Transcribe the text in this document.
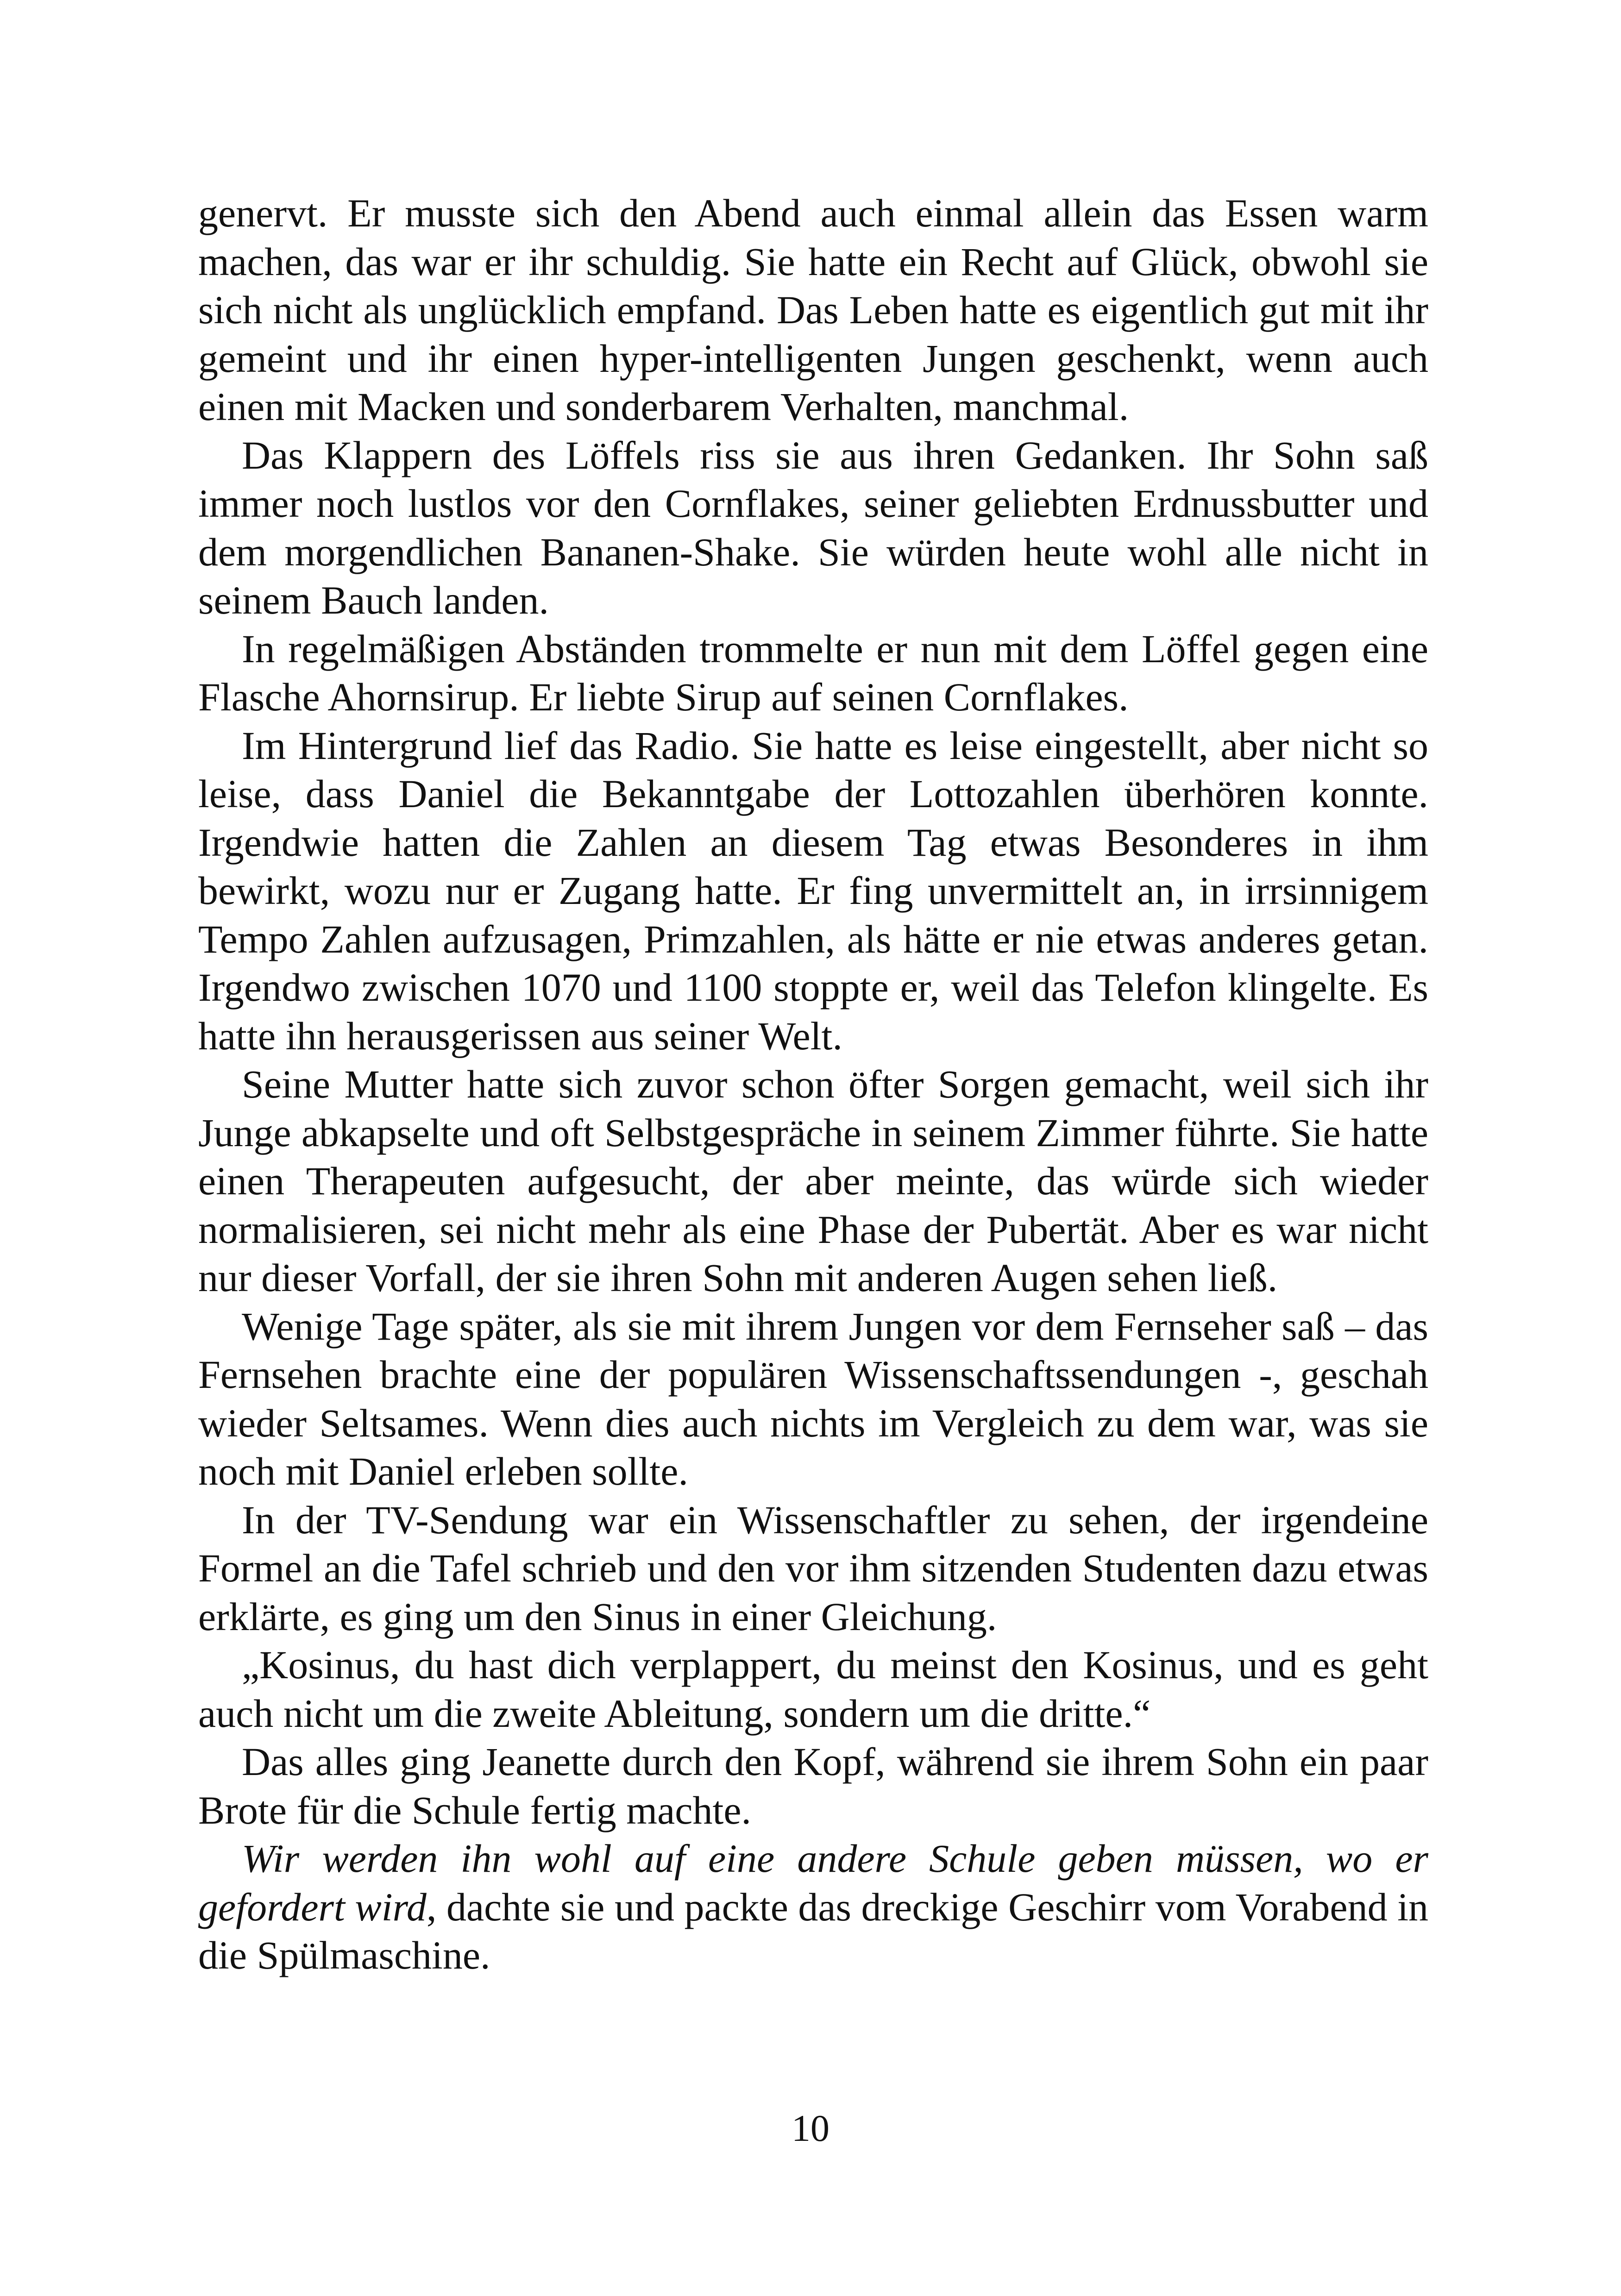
genervt. Er musste sich den Abend auch einmal allein das Essen warm machen, das war er ihr schuldig. Sie hatte ein Recht auf Glück, obwohl sie sich nicht als unglücklich empfand. Das Leben hatte es eigentlich gut mit ihr gemeint und ihr einen hyper-intelligenten Jungen geschenkt, wenn auch einen mit Macken und sonderbarem Verhalten, manchmal.

Das Klappern des Löffels riss sie aus ihren Gedanken. Ihr Sohn saß immer noch lustlos vor den Cornflakes, seiner geliebten Erdnussbutter und dem morgendlichen Bananen-Shake. Sie würden heute wohl alle nicht in seinem Bauch landen.

In regelmäßigen Abständen trommelte er nun mit dem Löffel gegen eine Flasche Ahornsirup. Er liebte Sirup auf seinen Cornflakes.

Im Hintergrund lief das Radio. Sie hatte es leise eingestellt, aber nicht so leise, dass Daniel die Bekanntgabe der Lottozahlen überhören konnte. Irgendwie hatten die Zahlen an diesem Tag etwas Besonderes in ihm bewirkt, wozu nur er Zugang hatte. Er fing unvermittelt an, in irrsinnigem Tempo Zahlen aufzusagen, Primzahlen, als hätte er nie etwas anderes getan. Irgendwo zwischen 1070 und 1100 stoppte er, weil das Telefon klingelte. Es hatte ihn herausgerissen aus seiner Welt.

Seine Mutter hatte sich zuvor schon öfter Sorgen gemacht, weil sich ihr Junge abkapselte und oft Selbstgespräche in seinem Zimmer führte. Sie hatte einen Therapeuten aufgesucht, der aber meinte, das würde sich wieder normalisieren, sei nicht mehr als eine Phase der Pubertät. Aber es war nicht nur dieser Vorfall, der sie ihren Sohn mit anderen Augen sehen ließ.

Wenige Tage später, als sie mit ihrem Jungen vor dem Fernseher saß – das Fernsehen brachte eine der populären Wissenschaftssendungen -, geschah wieder Seltsames. Wenn dies auch nichts im Vergleich zu dem war, was sie noch mit Daniel erleben sollte.

In der TV-Sendung war ein Wissenschaftler zu sehen, der irgendeine Formel an die Tafel schrieb und den vor ihm sitzenden Studenten dazu etwas erklärte, es ging um den Sinus in einer Gleichung.

„Kosinus, du hast dich verplappert, du meinst den Kosinus, und es geht auch nicht um die zweite Ableitung, sondern um die dritte.“

Das alles ging Jeanette durch den Kopf, während sie ihrem Sohn ein paar Brote für die Schule fertig machte.

Wir werden ihn wohl auf eine andere Schule geben müssen, wo er gefordert wird, dachte sie und packte das dreckige Geschirr vom Vorabend in die Spülmaschine.

10
